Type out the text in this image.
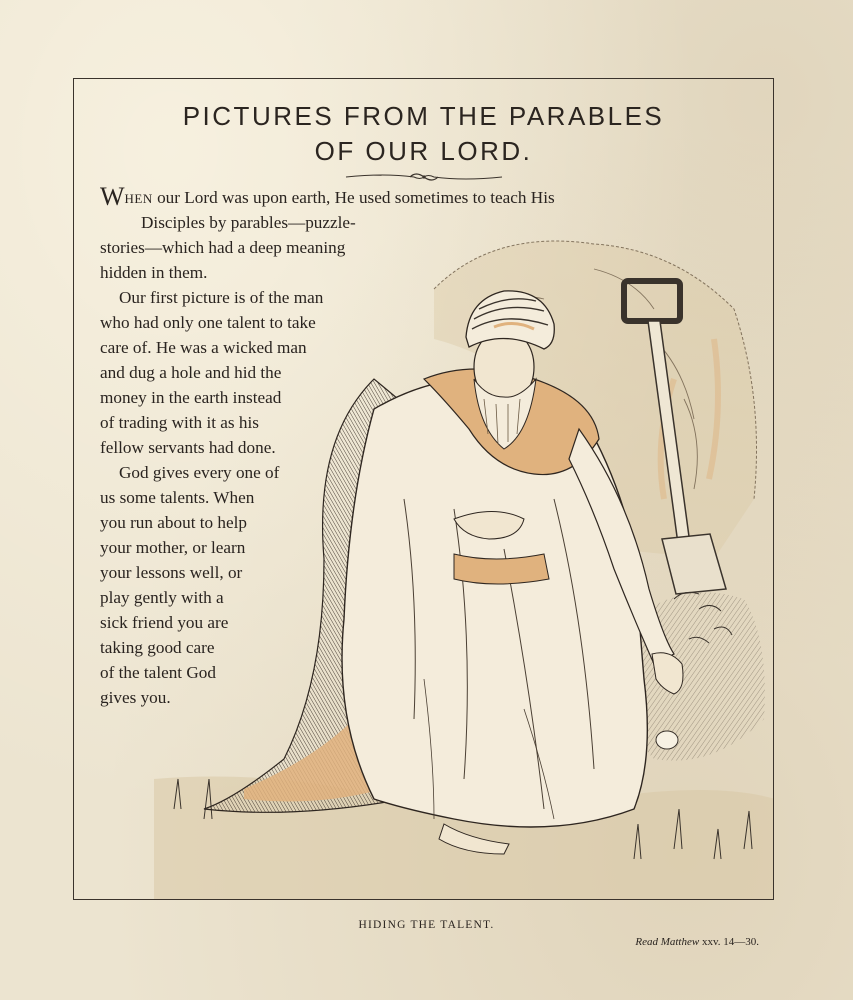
PICTURES FROM THE PARABLES
OF OUR LORD.
WHEN our Lord was upon earth, He used sometimes to teach His
Disciples by parables—puzzle-
stories—which had a deep meaning
hidden in them.
Our first picture is of the man
who had only one talent to take
care of. He was a wicked man
and dug a hole and hid the
money in the earth instead
of trading with it as his
fellow servants had done.
God gives every one of
us some talents. When
you run about to help
your mother, or learn
your lessons well, or
play gently with a
sick friend you are
taking good care
of the talent God
gives you.
HIDING THE TALENT.
Read Matthew xxv. 14—30.
